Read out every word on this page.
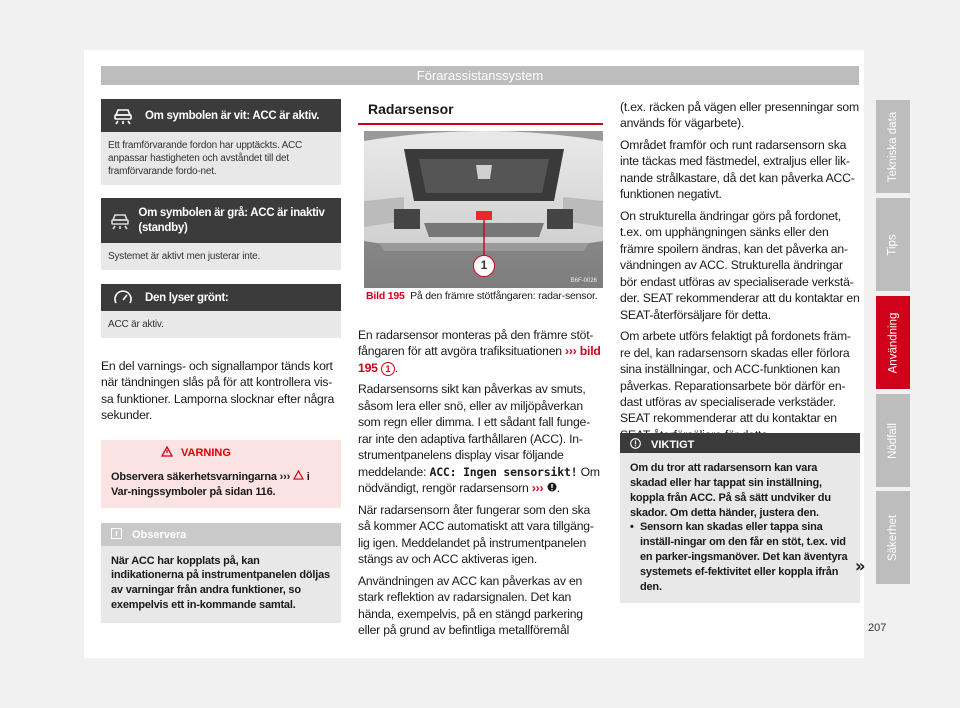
Förarassistanssystem
Om symbolen är vit: ACC är aktiv.
Ett framförvarande fordon har upptäckts. ACC anpassar hastigheten och avståndet till det framförvarande fordo-net.
Om symbolen är grå: ACC är inaktiv (standby)
Systemet är aktivt men justerar inte.
Den lyser grönt:
ACC är aktiv.

En del varnings- och signallampor tänds kort när tändningen slås på för att kontrollera vis-sa funktioner. Lamporna slocknar efter några sekunder.

VARNING
Observera säkerhetsvarningarna ››› i Var-ningssymboler på sidan 116.
Observera
När ACC har kopplats på, kan indikationerna på instrumentpanelen döljas av varningar från andra funktioner, so exempelvis ett in-kommande samtal.
Radarsensor
1
B6F-0026
Bild 195 På den främre stötfångaren: radar-sensor.

En radarsensor monteras på den främre stöt-fångaren för att avgöra trafiksituationen ››› bild 195 1 .

Radarsensorns sikt kan påverkas av smuts, såsom lera eller snö, eller av miljöpåverkan som regn eller dimma. I ett sådant fall funge-rar inte den adaptiva farthållaren (ACC). In-strumentpanelens display visar följande meddelande: ACC: Ingen sensorsikt! Om nödvändigt, rengör radarsensorn ››› .

När radarsensorn åter fungerar som den ska så kommer ACC automatiskt att vara tillgäng-lig igen. Meddelandet på instrumentpanelen stängs av och ACC aktiveras igen.

Användningen av ACC kan påverkas av en stark reflektion av radarsignalen. Det kan hända, exempelvis, på en stängd parkering eller på grund av befintliga metallföremål

(t.ex. räcken på vägen eller presenningar som används för vägarbete).

Området framför och runt radarsensorn ska inte täckas med fästmedel, extraljus eller lik-nande strålkastare, då det kan påverka ACC-funktionen negativt.

On strukturella ändringar görs på fordonet, t.ex. om upphängningen sänks eller den främre spoilern ändras, kan det påverka an-vändningen av ACC. Strukturella ändringar bör endast utföras av specialiserade verkstä-der. SEAT rekommenderar att du kontaktar en SEAT-återförsäljare för detta.

Om arbete utförs felaktigt på fordonets främ-re del, kan radarsensorn skadas eller förlora sina inställningar, och ACC-funktionen kan påverkas. Reparationsarbete bör därför en-dast utföras av specialiserade verkstäder. SEAT rekommenderar att du kontaktar en

VIKTIGT

Om du tror att radarsensorn kan vara skadad eller har tappat sin inställning, koppla från ACC. På så sätt undviker du skador. Om detta händer, justera den.

• Sensorn kan skadas eller tappa sina inställ-ningar om den får en stöt, t.ex. vid en parker-ingsmanöver. Det kan äventyra systemets ef-fektivitet eller koppla ifrån den.
»
Tekniska data
Tips
Användning
Nödfall
Säkerhet
207
